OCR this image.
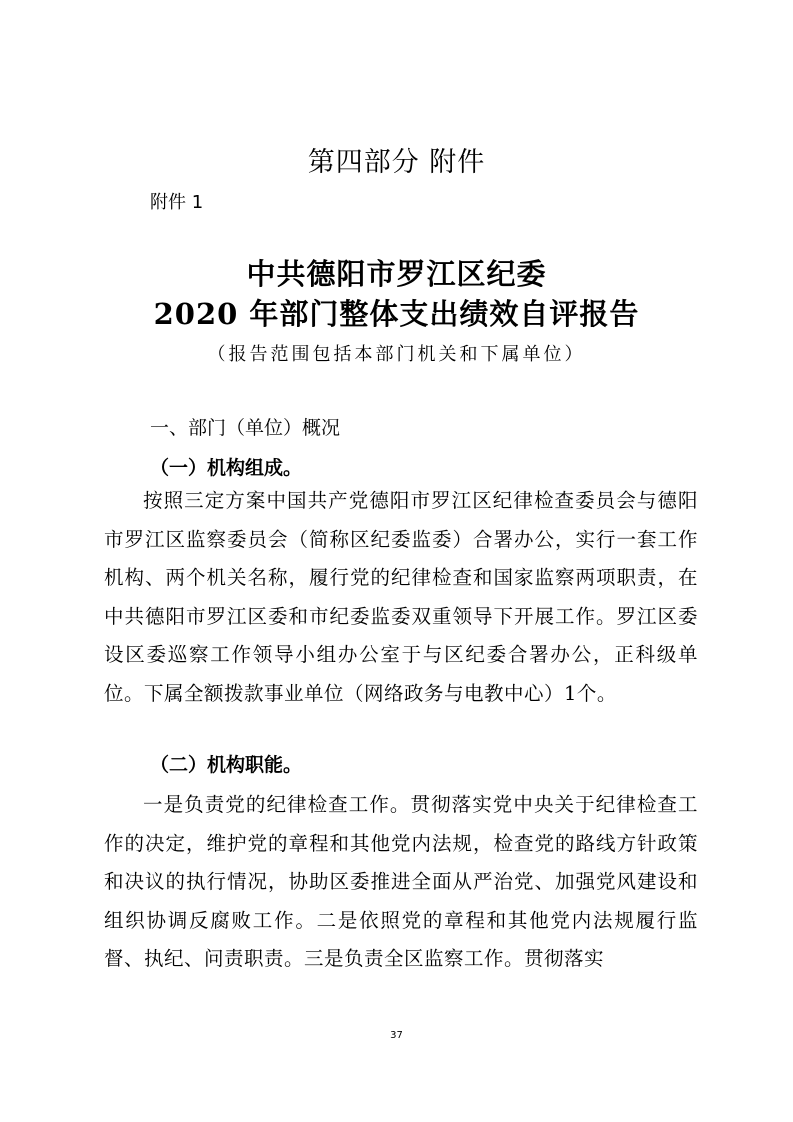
第四部分 附件
附件 1
中共德阳市罗江区纪委
2020 年部门整体支出绩效自评报告
（报告范围包括本部门机关和下属单位）
一、部门（单位）概况
（一）机构组成。

按照三定方案中国共产党德阳市罗江区纪律检查委员会与德阳市罗江区监察委员会（简称区纪委监委）合署办公，实行一套工作机构、两个机关名称，履行党的纪律检查和国家监察两项职责，在中共德阳市罗江区委和市纪委监委双重领导下开展工作。罗江区委设区委巡察工作领导小组办公室于与区纪委合署办公，正科级单位。下属全额拨款事业单位（网络政务与电教中心）1个。

（二）机构职能。

一是负责党的纪律检查工作。贯彻落实党中央关于纪律检查工作的决定，维护党的章程和其他党内法规，检查党的路线方针政策和决议的执行情况，协助区委推进全面从严治党、加强党风建设和组织协调反腐败工作。二是依照党的章程和其他党内法规履行监督、执纪、问责职责。三是负责全区监察工作。贯彻落实

37
